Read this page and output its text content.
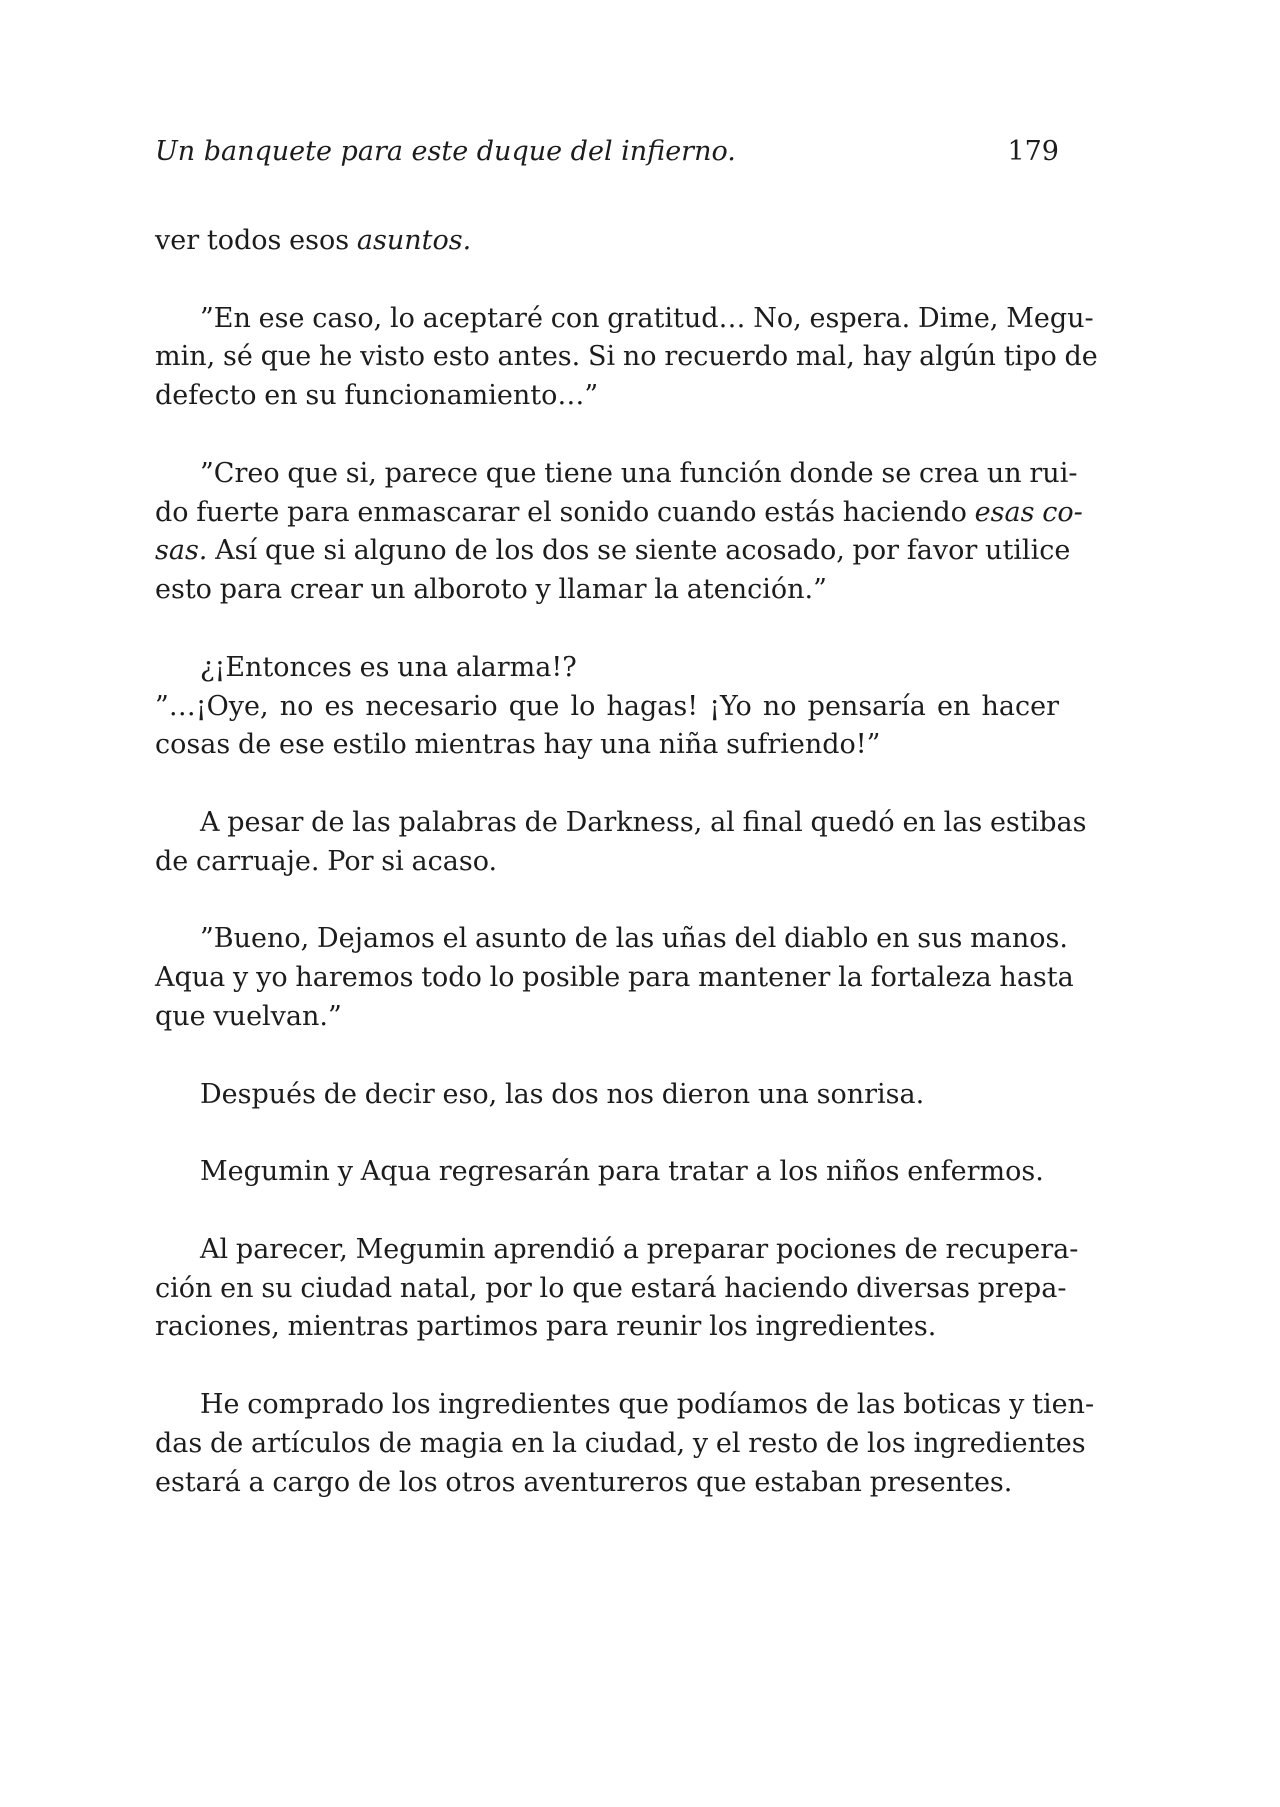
Un banquete para este duque del infierno.	179
ver todos esos asuntos.
”En ese caso, lo aceptaré con gratitud… No, espera. Dime, Megu-
min, sé que he visto esto antes. Si no recuerdo mal, hay algún tipo de
defecto en su funcionamiento…”
”Creo que si, parece que tiene una función donde se crea un rui-
do fuerte para enmascarar el sonido cuando estás haciendo esas co-
sas. Así que si alguno de los dos se siente acosado, por favor utilice
esto para crear un alboroto y llamar la atención.”
¿¡Entonces es una alarma!?
”…¡Oye, no es necesario que lo hagas! ¡Yo no pensaría en hacer
cosas de ese estilo mientras hay una niña sufriendo!”
A pesar de las palabras de Darkness, al final quedó en las estibas
de carruaje. Por si acaso.
”Bueno, Dejamos el asunto de las uñas del diablo en sus manos.
Aqua y yo haremos todo lo posible para mantener la fortaleza hasta
que vuelvan.”
Después de decir eso, las dos nos dieron una sonrisa.
Megumin y Aqua regresarán para tratar a los niños enfermos.
Al parecer, Megumin aprendió a preparar pociones de recupera-
ción en su ciudad natal, por lo que estará haciendo diversas prepa-
raciones, mientras partimos para reunir los ingredientes.
He comprado los ingredientes que podíamos de las boticas y tien-
das de artículos de magia en la ciudad, y el resto de los ingredientes
estará a cargo de los otros aventureros que estaban presentes.
